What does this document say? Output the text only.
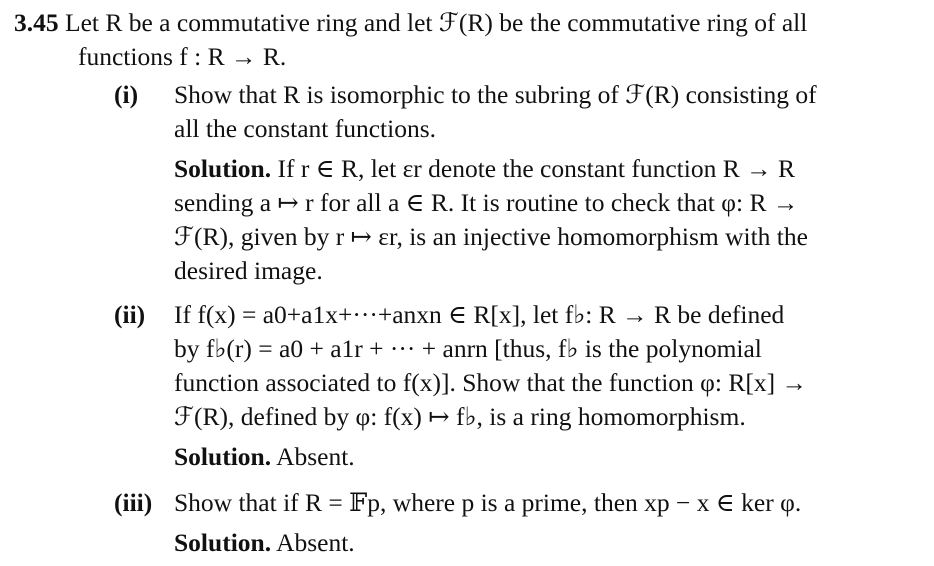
3.45 Let R be a commutative ring and let ℱ(R) be the commutative ring of all
functions f : R → R.
(i) Show that R is isomorphic to the subring of ℱ(R) consisting of
all the constant functions.
Solution. If r ∈ R, let εr denote the constant function R → R
sending a ↦ r for all a ∈ R. It is routine to check that φ: R →
ℱ(R), given by r ↦ εr, is an injective homomorphism with the
desired image.
(ii) If f(x) = a0+a1x+···+anxn ∈ R[x], let f♭: R → R be defined
by f♭(r) = a0 + a1r + ··· + anrn [thus, f♭ is the polynomial
function associated to f(x)]. Show that the function φ: R[x] →
ℱ(R), defined by φ: f(x) ↦ f♭, is a ring homomorphism.
Solution. Absent.
(iii) Show that if R = 𝔽p, where p is a prime, then xp − x ∈ ker φ.
Solution. Absent.
